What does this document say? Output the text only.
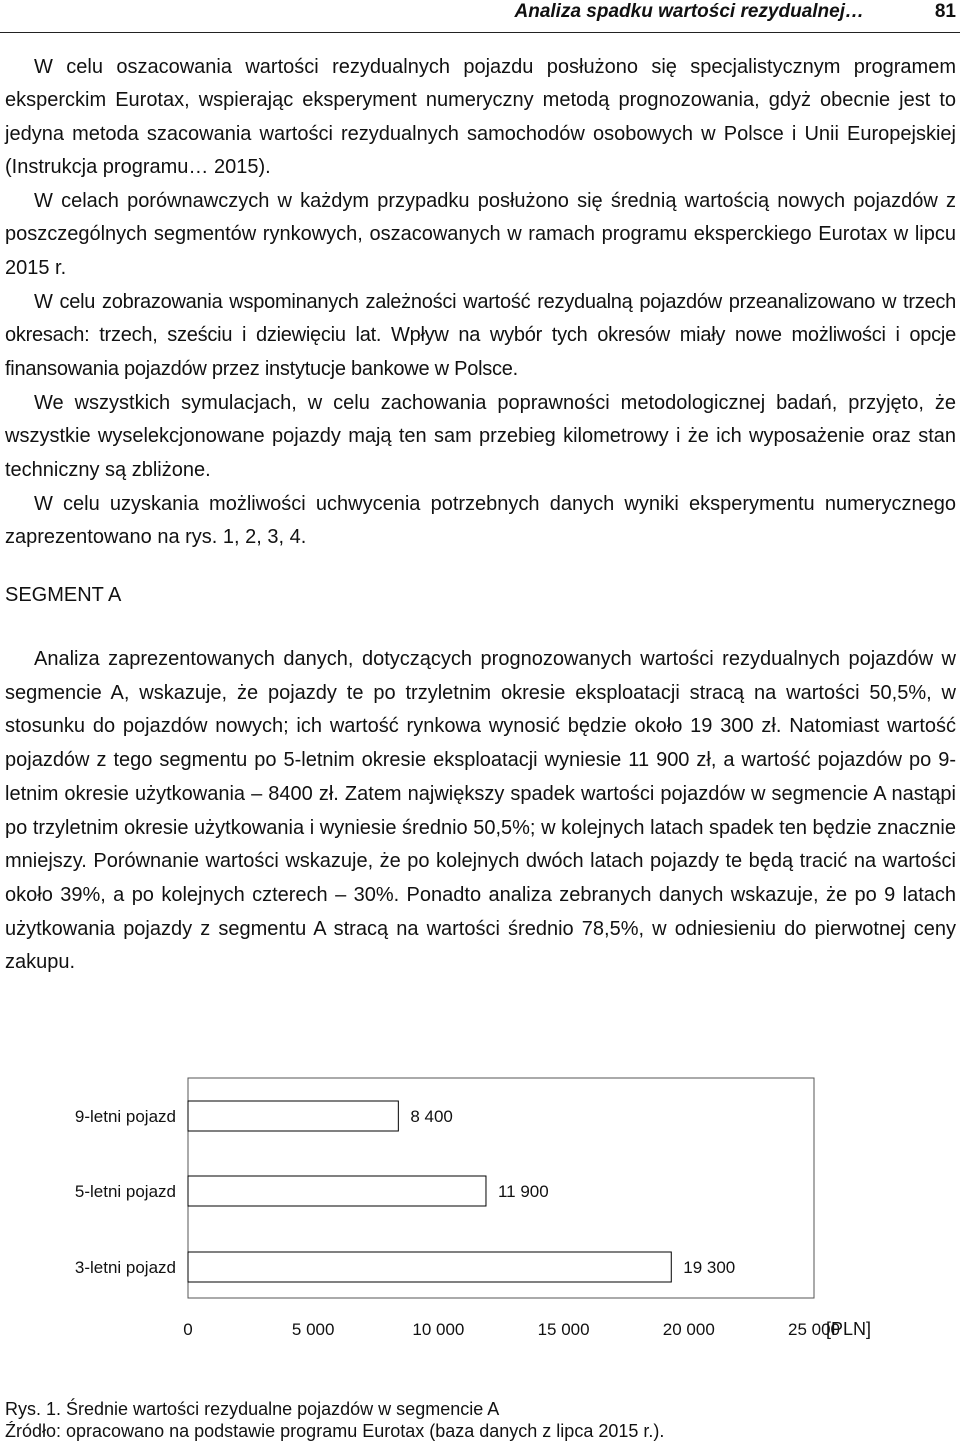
Analiza spadku wartości rezydualnej…	81

W celu oszacowania wartości rezydualnych pojazdu posłużono się specjalistycznym programem eksperckim Eurotax, wspierając eksperyment numeryczny metodą prognozowania, gdyż obecnie jest to jedyna metoda szacowania wartości rezydualnych samochodów osobowych w Polsce i Unii Europejskiej (Instrukcja programu… 2015).

W celach porównawczych w każdym przypadku posłużono się średnią wartością nowych pojazdów z poszczególnych segmentów rynkowych, oszacowanych w ramach programu eksperckiego Eurotax w lipcu 2015 r.

W celu zobrazowania wspominanych zależności wartość rezydualną pojazdów przeanalizowano w trzech okresach: trzech, sześciu i dziewięciu lat. Wpływ na wybór tych okresów miały nowe możliwości i opcje finansowania pojazdów przez instytucje bankowe w Polsce.

We wszystkich symulacjach, w celu zachowania poprawności metodologicznej badań, przyjęto, że wszystkie wyselekcjonowane pojazdy mają ten sam przebieg kilometrowy i że ich wyposażenie oraz stan techniczny są zbliżone.

W celu uzyskania możliwości uchwycenia potrzebnych danych wyniki eksperymentu numerycznego zaprezentowano na rys. 1, 2, 3, 4.

SEGMENT A

Analiza zaprezentowanych danych, dotyczących prognozowanych wartości rezydualnych pojazdów w segmencie A, wskazuje, że pojazdy te po trzyletnim okresie eksploatacji stracą na wartości 50,5%, w stosunku do pojazdów nowych; ich wartość rynkowa wynosić będzie około 19 300 zł. Natomiast wartość pojazdów z tego segmentu po 5-letnim okresie eksploatacji wyniesie 11 900 zł, a wartość pojazdów po 9-letnim okresie użytkowania – 8400 zł. Zatem największy spadek wartości pojazdów w segmencie A nastąpi po trzyletnim okresie użytkowania i wyniesie średnio 50,5%; w kolejnych latach spadek ten będzie znacznie mniejszy. Porównanie wartości wskazuje, że po kolejnych dwóch latach pojazdy te będą tracić na wartości około 39%, a po kolejnych czterech – 30%. Ponadto analiza zebranych danych wskazuje, że po 9 latach użytkowania pojazdy z segmentu A stracą na wartości średnio 78,5%, w odniesieniu do pierwotnej ceny zakupu.

9-letni pojazd
5-letni pojazd
3-letni pojazd
8 400
11 900
19 300
0	5 000	10 000	15 000	20 000	25 000
[PLN]
Rys. 1. Średnie wartości rezydualne pojazdów w segmencie A
Źródło: opracowano na podstawie programu Eurotax (baza danych z lipca 2015 r.).
